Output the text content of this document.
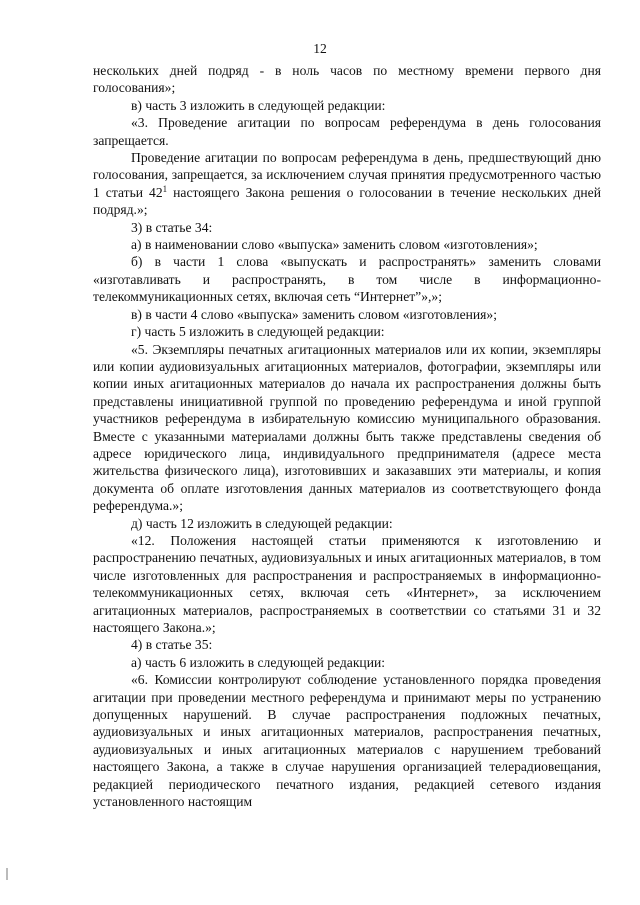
12

нескольких дней подряд - в ноль часов по местному времени первого дня голосования»;

в) часть 3 изложить в следующей редакции:

«3. Проведение агитации по вопросам референдума в день голосования запрещается.

Проведение агитации по вопросам референдума в день, предшествующий дню голосования, запрещается, за исключением случая принятия предусмотренного частью 1 статьи $42^1$ настоящего Закона решения о голосовании в течение нескольких дней подряд.»;

3) в статье 34:

а) в наименовании слово «выпуска» заменить словом «изготовления»;

б) в части 1 слова «выпускать и распространять» заменить словами «изготавливать и распространять, в том числе в информационно-телекоммуникационных сетях, включая сеть “Интернет”»,»;

в) в части 4 слово «выпуска» заменить словом «изготовления»;

г) часть 5 изложить в следующей редакции:

«5. Экземпляры печатных агитационных материалов или их копии, экземпляры или копии аудиовизуальных агитационных материалов, фотографии, экземпляры или копии иных агитационных материалов до начала их распространения должны быть представлены инициативной группой по проведению референдума и иной группой участников референдума в избирательную комиссию муниципального образования. Вместе с указанными материалами должны быть также представлены сведения об адресе юридического лица, индивидуального предпринимателя (адресе места жительства физического лица), изготовивших и заказавших эти материалы, и копия документа об оплате изготовления данных материалов из соответствующего фонда референдума.»;

д) часть 12 изложить в следующей редакции:

«12. Положения настоящей статьи применяются к изготовлению и распространению печатных, аудиовизуальных и иных агитационных материалов, в том числе изготовленных для распространения и распространяемых в информационно-телекоммуникационных сетях, включая сеть «Интернет», за исключением агитационных материалов, распространяемых в соответствии со статьями 31 и 32 настоящего Закона.»;

4) в статье 35:

а) часть 6 изложить в следующей редакции:

«6. Комиссии контролируют соблюдение установленного порядка проведения агитации при проведении местного референдума и принимают меры по устранению допущенных нарушений. В случае распространения подложных печатных, аудиовизуальных и иных агитационных материалов, распространения печатных, аудиовизуальных и иных агитационных материалов с нарушением требований настоящего Закона, а также в случае нарушения организацией телерадиовещания, редакцией периодического печатного издания, редакцией сетевого издания установленного настоящим
